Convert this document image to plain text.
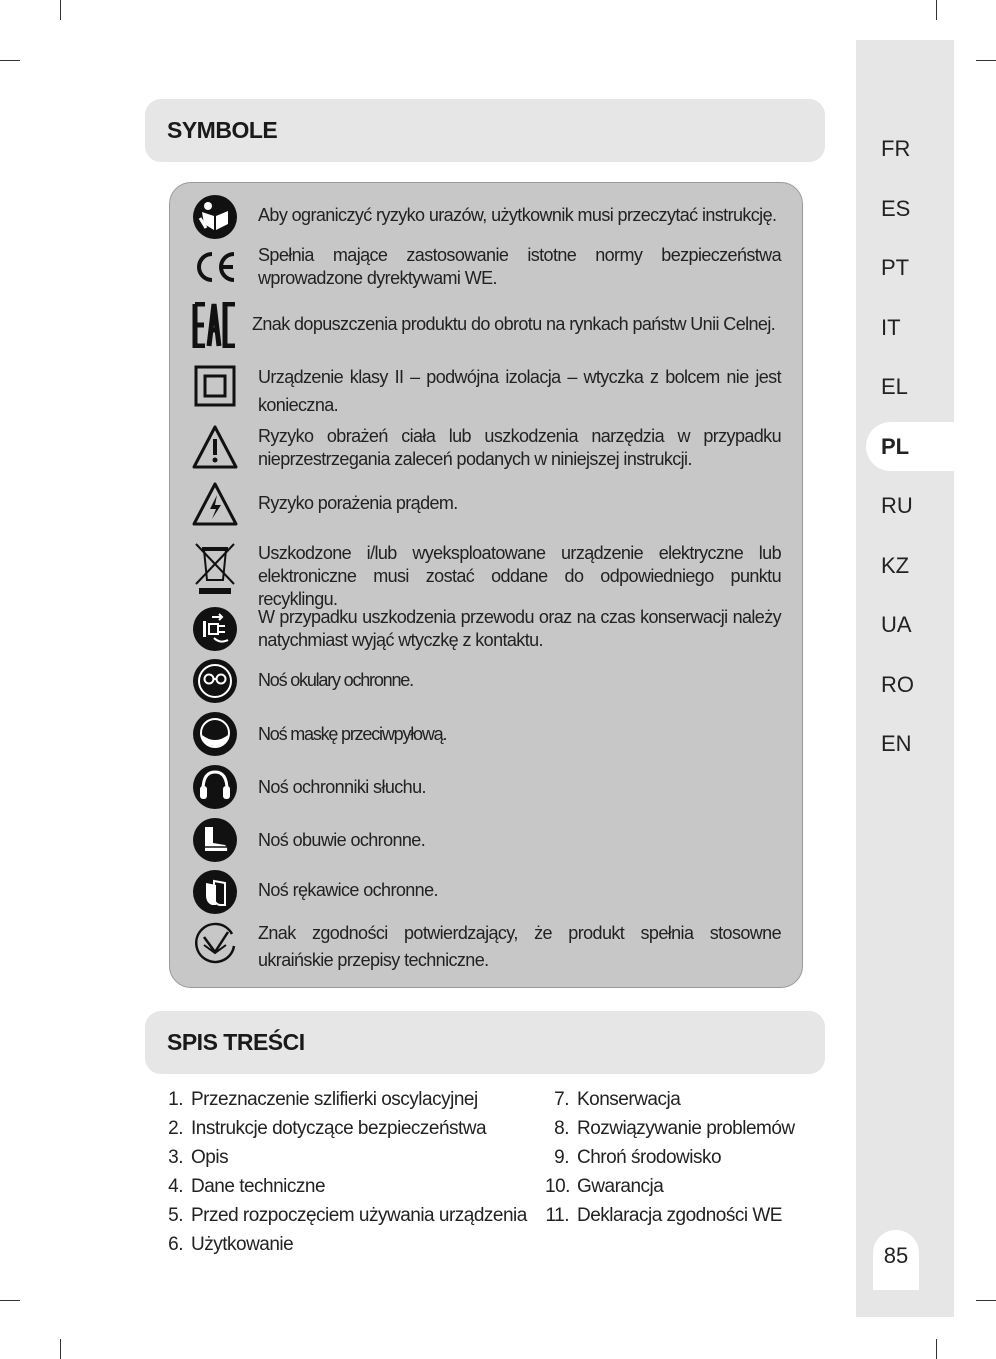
FR
ES
PT
IT
EL
PL
RU
KZ
UA
RO
EN
85
SYMBOLE
Aby ograniczyć ryzyko urazów, użytkownik musi przeczytać instrukcję.
Spełnia mające zastosowanie istotne normy bezpieczeństwa wprowadzone dyrektywami WE.
Znak dopuszczenia produktu do obrotu na rynkach państw Unii Celnej.
Urządzenie klasy II – podwójna izolacja – wtyczka z bolcem nie jest konieczna.
Ryzyko obrażeń ciała lub uszkodzenia narzędzia w przypadku nieprzestrzegania zaleceń podanych w niniejszej instrukcji.
Ryzyko porażenia prądem.
Uszkodzone i/lub wyeksploatowane urządzenie elektryczne lub elektroniczne musi zostać oddane do odpowiedniego punktu recyklingu.
W przypadku uszkodzenia przewodu oraz na czas konserwacji należy natychmiast wyjąć wtyczkę z kontaktu.
Noś okulary ochronne.
Noś maskę przeciwpyłową.
Noś ochronniki słuchu.
Noś obuwie ochronne.
Noś rękawice ochronne.
Znak zgodności potwierdzający, że produkt spełnia stosowne ukraińskie przepisy techniczne.
SPIS TREŚCI
1. Przeznaczenie szlifierki oscylacyjnej
2. Instrukcje dotyczące bezpieczeństwa
3. Opis
4. Dane techniczne
5. Przed rozpoczęciem używania urządzenia
6. Użytkowanie
7. Konserwacja
8. Rozwiązywanie problemów
9. Chroń środowisko
10. Gwarancja
11. Deklaracja zgodności WE
